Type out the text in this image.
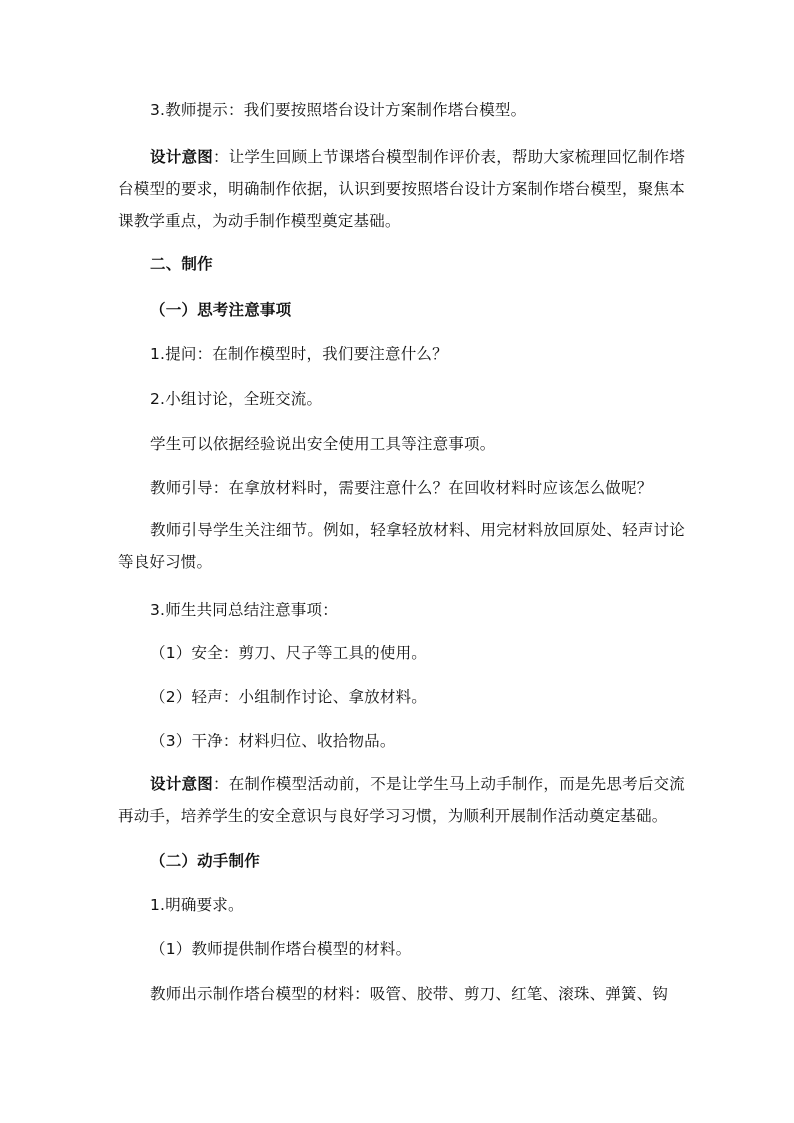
3.教师提示：我们要按照塔台设计方案制作塔台模型。
设计意图：让学生回顾上节课塔台模型制作评价表，帮助大家梳理回忆制作塔台模型的要求，明确制作依据，认识到要按照塔台设计方案制作塔台模型，聚焦本课教学重点，为动手制作模型奠定基础。
二、制作
（一）思考注意事项
1.提问：在制作模型时，我们要注意什么？
2.小组讨论，全班交流。
学生可以依据经验说出安全使用工具等注意事项。
教师引导：在拿放材料时，需要注意什么？在回收材料时应该怎么做呢？
教师引导学生关注细节。例如，轻拿轻放材料、用完材料放回原处、轻声讨论等良好习惯。
3.师生共同总结注意事项：
（1）安全：剪刀、尺子等工具的使用。
（2）轻声：小组制作讨论、拿放材料。
（3）干净：材料归位、收拾物品。
设计意图：在制作模型活动前，不是让学生马上动手制作，而是先思考后交流再动手，培养学生的安全意识与良好学习习惯，为顺利开展制作活动奠定基础。
（二）动手制作
1.明确要求。
（1）教师提供制作塔台模型的材料。
教师出示制作塔台模型的材料：吸管、胶带、剪刀、红笔、滚珠、弹簧、钩
